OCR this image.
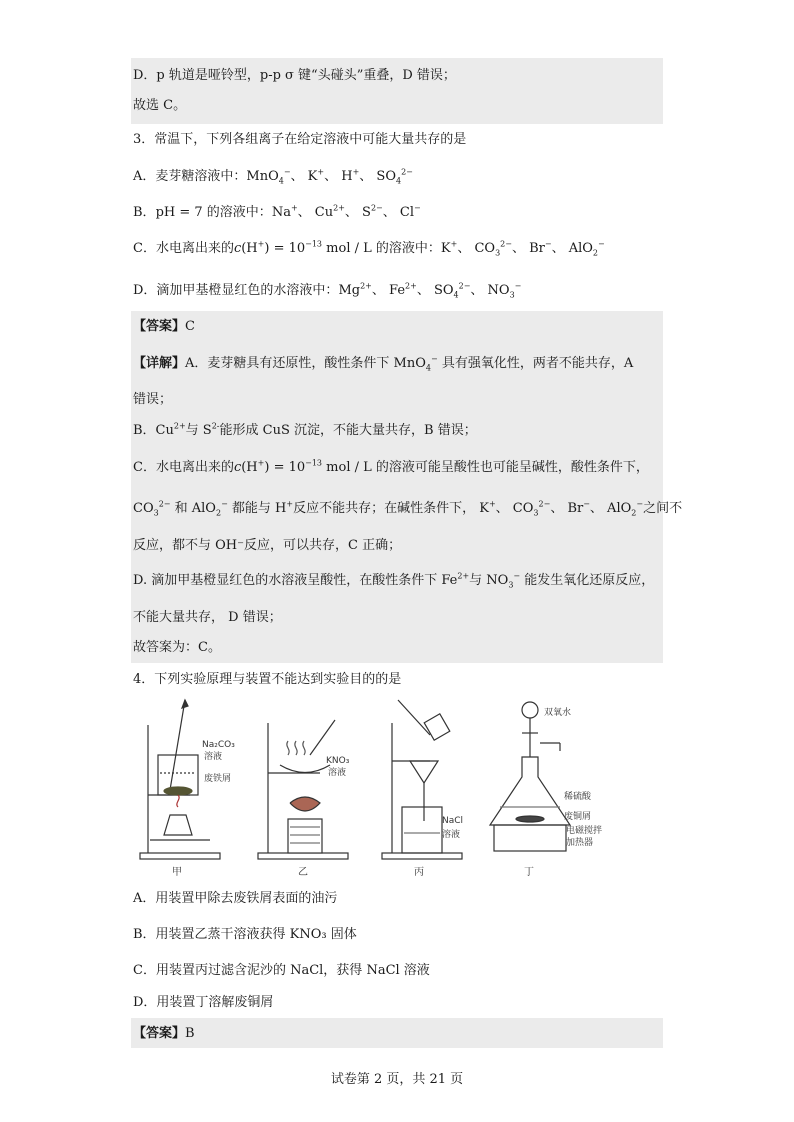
D．p 轨道是哑铃型，p-p σ 键“头碰头”重叠，D 错误；
故选 C。
3．常温下，下列各组离子在给定溶液中可能大量共存的是
A．麦芽糖溶液中：MnO$_4$−、 K+、 H+、 $SO_4^{2-}$
B．pH = 7 的溶液中：Na+、 $Cu^{2+}$、 $S^{2-}$、 Cl−
C．水电离出来的$c(H^+) = 10^{-13}$ mol / L 的溶液中：K+、 $CO_3^{2-}$、 Br−、 AlO$_2$−
D．滴加甲基橙显红色的水溶液中：$Mg^{2+}$、 $Fe^{2+}$、 $SO_4^{2-}$、 $NO_3^-$
【答案】C
【详解】A．麦芽糖具有还原性，酸性条件下 MnO$_4$− 具有强氧化性，两者不能共存，A
错误；
B．$Cu^{2+}$与 $S^{2-}$能形成 CuS 沉淀，不能大量共存，B 错误；
C．水电离出来的$c(H^+) = 10^{-13}$ mol / L 的溶液可能呈酸性也可能呈碱性，酸性条件下，
$CO_3^{2-}$ 和 AlO$_2$− 都能与 H+反应不能共存；在碱性条件下， K+、 $CO_3^{2-}$、 Br−、 AlO$_2$−之间不
反应，都不与 OH⁻反应，可以共存，C 正确；
D. 滴加甲基橙显红色的水溶液呈酸性，在酸性条件下 $Fe^{2+}$与 $NO_3^-$ 能发生氧化还原反应，
不能大量共存， D 错误；
故答案为：C。
4．下列实验原理与装置不能达到实验目的的是
Na₂CO₃
溶液
废铁屑
甲
KNO₃
溶液
乙
NaCl
溶液
丙
双氧水
稀硫酸
废铜屑
电磁搅拌
加热器
丁
A．用装置甲除去废铁屑表面的油污
B．用装置乙蒸干溶液获得 KNO₃ 固体
C．用装置丙过滤含泥沙的 NaCl，获得 NaCl 溶液
D．用装置丁溶解废铜屑
【答案】B
试卷第 2 页，共 21 页
